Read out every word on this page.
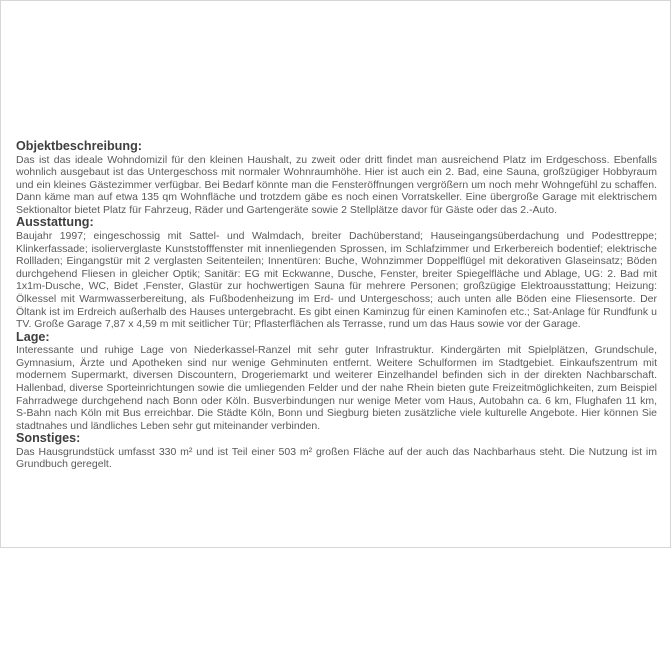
Objektbeschreibung:

Das ist das ideale Wohndomizil für den kleinen Haushalt, zu zweit oder dritt findet man ausreichend Platz im Erdgeschoss. Ebenfalls wohnlich ausgebaut ist das Untergeschoss mit normaler Wohnraumhöhe. Hier ist auch ein 2. Bad, eine Sauna, großzügiger Hobbyraum und ein kleines Gästezimmer verfügbar. Bei Bedarf könnte man die Fensteröffnungen vergrößern um noch mehr Wohngefühl zu schaffen. Dann käme man auf etwa 135 qm Wohnfläche und trotzdem gäbe es noch einen Vorratskeller. Eine übergroße Garage mit elektrischem Sektionaltor bietet Platz für Fahrzeug, Räder und Gartengeräte sowie 2 Stellplätze davor für Gäste oder das 2.-Auto.

Ausstattung:

Baujahr 1997; eingeschossig mit Sattel- und Walmdach, breiter Dachüberstand; Hauseingangsüberdachung und Podesttreppe; Klinkerfassade; isolierverglaste Kunststofffenster mit innenliegenden Sprossen, im Schlafzimmer und Erkerbereich bodentief; elektrische Rollladen; Eingangstür mit 2 verglasten Seitenteilen; Innentüren: Buche, Wohnzimmer Doppelflügel mit dekorativen Glaseinsatz; Böden durchgehend Fliesen in gleicher Optik; Sanitär: EG mit Eckwanne, Dusche, Fenster, breiter Spiegelfläche und Ablage, UG: 2. Bad mit 1x1m-Dusche, WC, Bidet ,Fenster, Glastür zur hochwertigen Sauna für mehrere Personen; großzügige Elektroausstattung; Heizung: Ölkessel mit Warmwasserbereitung, als Fußbodenheizung im Erd- und Untergeschoss; auch unten alle Böden eine Fliesensorte. Der Öltank ist im Erdreich außerhalb des Hauses untergebracht. Es gibt einen Kaminzug für einen Kaminofen etc.; Sat-Anlage für Rundfunk u TV. Große Garage 7,87 x 4,59 m mit seitlicher Tür; Pflasterflächen als Terrasse, rund um das Haus sowie vor der Garage.

Lage:

Interessante und ruhige Lage von Niederkassel-Ranzel mit sehr guter Infrastruktur. Kindergärten mit Spielplätzen, Grundschule, Gymnasium, Ärzte und Apotheken sind nur wenige Gehminuten entfernt. Weitere Schulformen im Stadtgebiet. Einkaufszentrum mit modernem Supermarkt, diversen Discountern, Drogeriemarkt und weiterer Einzelhandel befinden sich in der direkten Nachbarschaft. Hallenbad, diverse Sporteinrichtungen sowie die umliegenden Felder und der nahe Rhein bieten gute Freizeitmöglichkeiten, zum Beispiel Fahrradwege durchgehend nach Bonn oder Köln. Busverbindungen nur wenige Meter vom Haus, Autobahn ca. 6 km, Flughafen 11 km, S-Bahn nach Köln mit Bus erreichbar. Die Städte Köln, Bonn und Siegburg bieten zusätzliche viele kulturelle Angebote. Hier können Sie stadtnahes und ländliches Leben sehr gut miteinander verbinden.

Sonstiges:

Das Hausgrundstück umfasst 330 m² und ist Teil einer 503 m² großen Fläche auf der auch das Nachbarhaus steht. Die Nutzung ist im Grundbuch geregelt.
